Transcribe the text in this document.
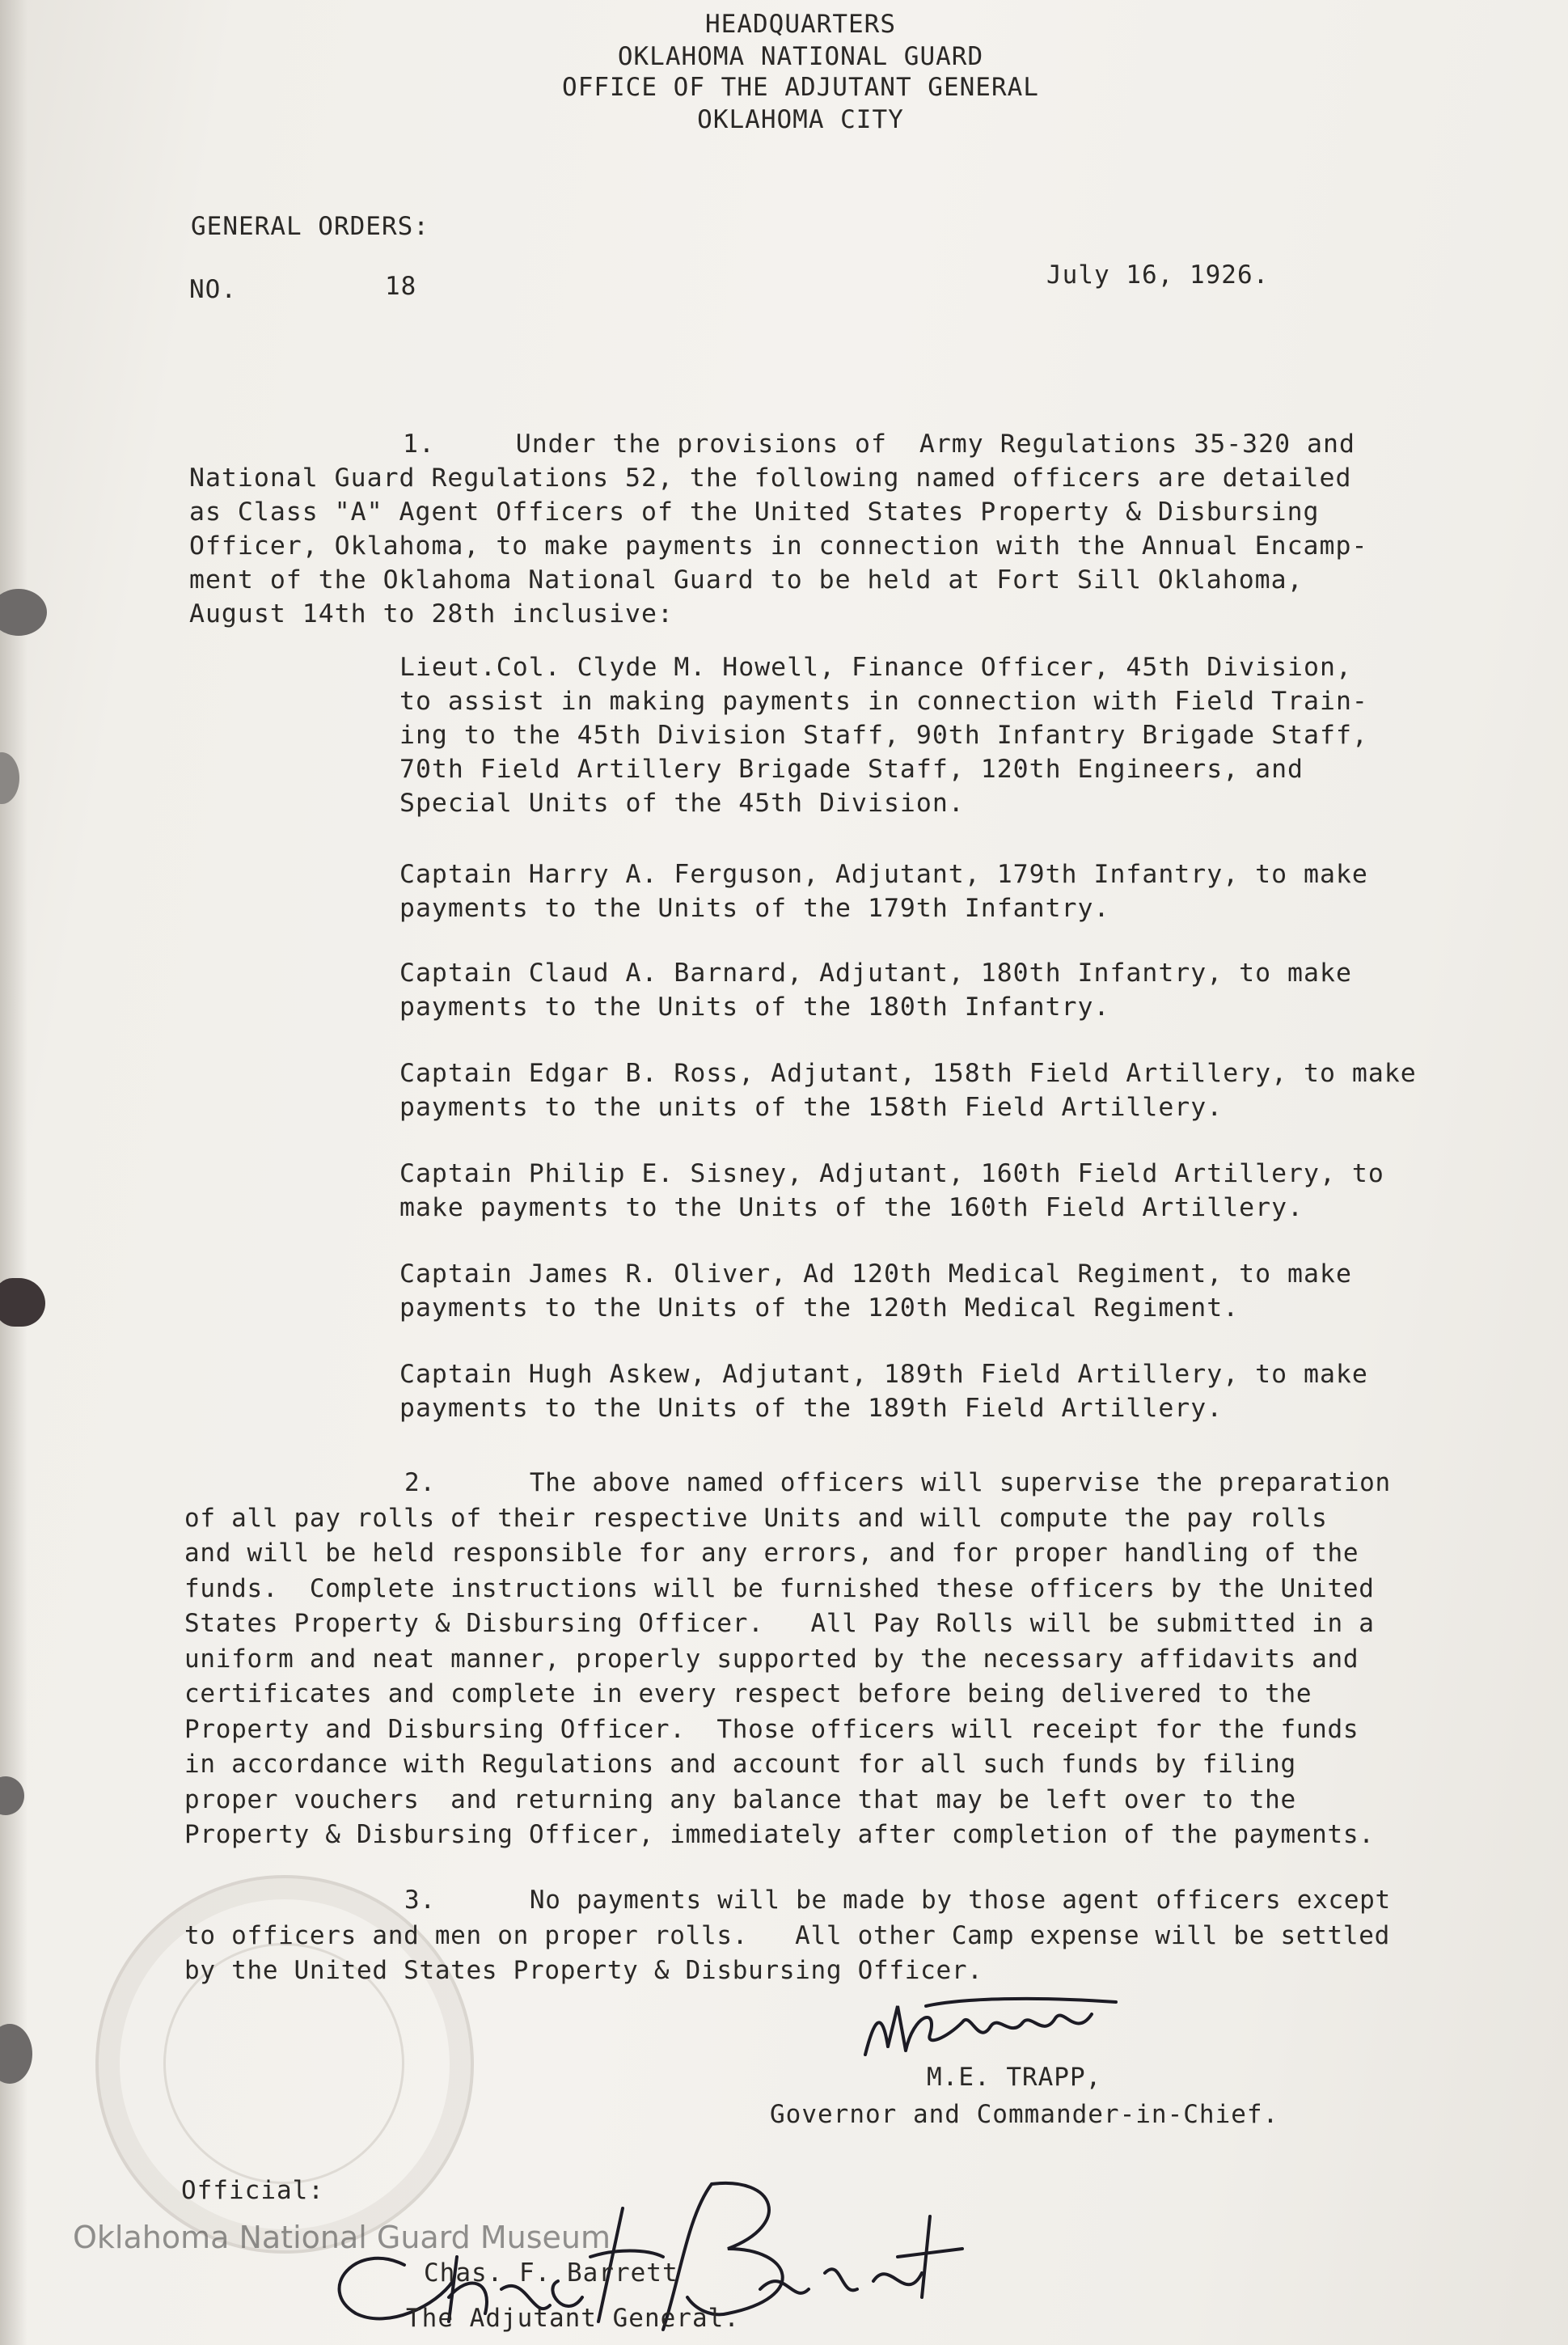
HEADQUARTERS
OKLAHOMA NATIONAL GUARD
OFFICE OF THE ADJUTANT GENERAL
OKLAHOMA CITY
GENERAL ORDERS:
NO.	18	July 16, 1926.
1.     Under the provisions of  Army Regulations 35-320 and
National Guard Regulations 52, the following named officers are detailed
as Class "A" Agent Officers of the United States Property & Disbursing
Officer, Oklahoma, to make payments in connection with the Annual Encamp-
ment of the Oklahoma National Guard to be held at Fort Sill Oklahoma,
August 14th to 28th inclusive:
Lieut.Col. Clyde M. Howell, Finance Officer, 45th Division,
to assist in making payments in connection with Field Train-
ing to the 45th Division Staff, 90th Infantry Brigade Staff,
70th Field Artillery Brigade Staff, 120th Engineers, and
Special Units of the 45th Division.
Captain Harry A. Ferguson, Adjutant, 179th Infantry, to make
payments to the Units of the 179th Infantry.
Captain Claud A. Barnard, Adjutant, 180th Infantry, to make
payments to the Units of the 180th Infantry.
Captain Edgar B. Ross, Adjutant, 158th Field Artillery, to make
payments to the units of the 158th Field Artillery.
Captain Philip E. Sisney, Adjutant, 160th Field Artillery, to
make payments to the Units of the 160th Field Artillery.
Captain James R. Oliver, Ad 120th Medical Regiment, to make
payments to the Units of the 120th Medical Regiment.
Captain Hugh Askew, Adjutant, 189th Field Artillery, to make
payments to the Units of the 189th Field Artillery.
2.      The above named officers will supervise the preparation
of all pay rolls of their respective Units and will compute the pay rolls
and will be held responsible for any errors, and for proper handling of the
funds.  Complete instructions will be furnished these officers by the United
States Property & Disbursing Officer.   All Pay Rolls will be submitted in a
uniform and neat manner, properly supported by the necessary affidavits and
certificates and complete in every respect before being delivered to the
Property and Disbursing Officer.  Those officers will receipt for the funds
in accordance with Regulations and account for all such funds by filing
proper vouchers  and returning any balance that may be left over to the
Property & Disbursing Officer, immediately after completion of the payments.
3.      No payments will be made by those agent officers except
to officers and men on proper rolls.   All other Camp expense will be settled
by the United States Property & Disbursing Officer.
M.E. TRAPP,
Governor and Commander-in-Chief.
Official:
Oklahoma National Guard Museum
Chas. F. Barrett
The Adjutant General.
